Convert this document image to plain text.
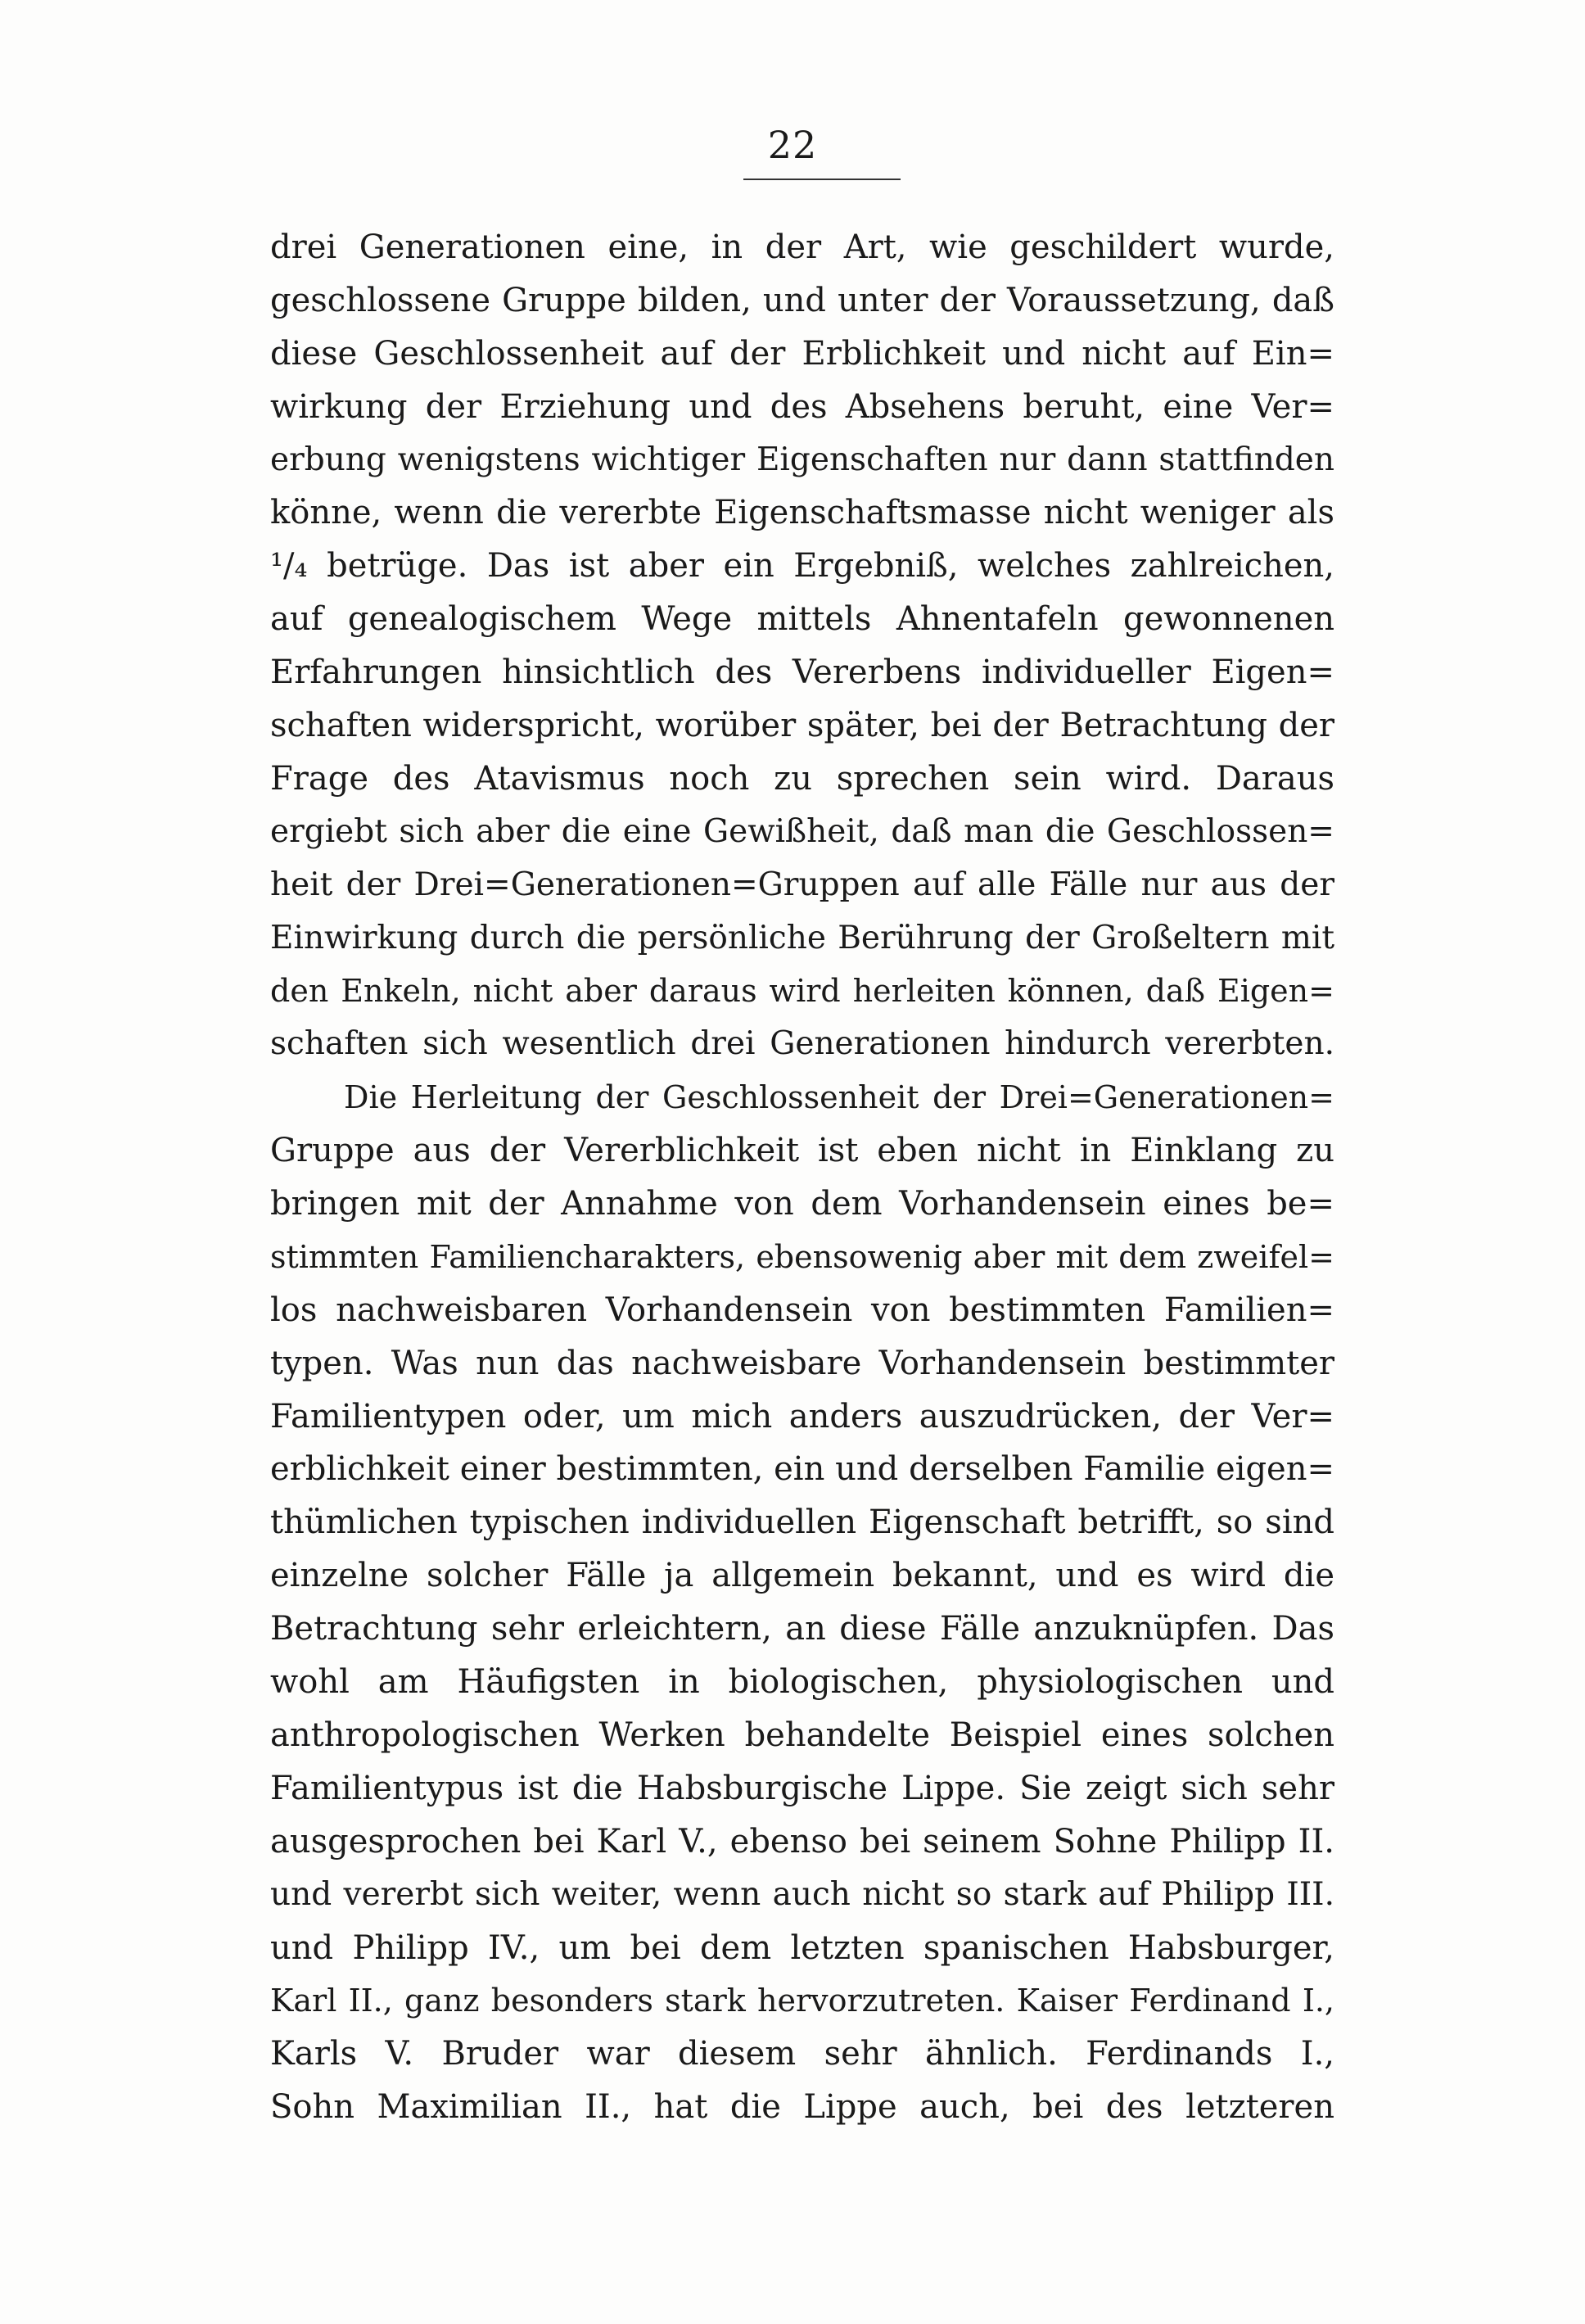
22
drei Generationen eine, in der Art, wie geschildert wurde,
geschlossene Gruppe bilden, und unter der Voraussetzung, daß
diese Geschlossenheit auf der Erblichkeit und nicht auf Ein=
wirkung der Erziehung und des Absehens beruht, eine Ver=
erbung wenigstens wichtiger Eigenschaften nur dann stattfinden
könne, wenn die vererbte Eigenschaftsmasse nicht weniger als
¹/₄ betrüge. Das ist aber ein Ergebniß, welches zahlreichen,
auf genealogischem Wege mittels Ahnentafeln gewonnenen
Erfahrungen hinsichtlich des Vererbens individueller Eigen=
schaften widerspricht, worüber später, bei der Betrachtung der
Frage des Atavismus noch zu sprechen sein wird. Daraus
ergiebt sich aber die eine Gewißheit, daß man die Geschlossen=
heit der Drei=Generationen=Gruppen auf alle Fälle nur aus der
Einwirkung durch die persönliche Berührung der Großeltern mit
den Enkeln, nicht aber daraus wird herleiten können, daß Eigen=
schaften sich wesentlich drei Generationen hindurch vererbten.
Die Herleitung der Geschlossenheit der Drei=Generationen=
Gruppe aus der Vererblichkeit ist eben nicht in Einklang zu
bringen mit der Annahme von dem Vorhandensein eines be=
stimmten Familiencharakters, ebensowenig aber mit dem zweifel=
los nachweisbaren Vorhandensein von bestimmten Familien=
typen. Was nun das nachweisbare Vorhandensein bestimmter
Familientypen oder, um mich anders auszudrücken, der Ver=
erblichkeit einer bestimmten, ein und derselben Familie eigen=
thümlichen typischen individuellen Eigenschaft betrifft, so sind
einzelne solcher Fälle ja allgemein bekannt, und es wird die
Betrachtung sehr erleichtern, an diese Fälle anzuknüpfen. Das
wohl am Häufigsten in biologischen, physiologischen und
anthropologischen Werken behandelte Beispiel eines solchen
Familientypus ist die Habsburgische Lippe. Sie zeigt sich sehr
ausgesprochen bei Karl V., ebenso bei seinem Sohne Philipp II.
und vererbt sich weiter, wenn auch nicht so stark auf Philipp III.
und Philipp IV., um bei dem letzten spanischen Habsburger,
Karl II., ganz besonders stark hervorzutreten. Kaiser Ferdinand I.,
Karls V. Bruder war diesem sehr ähnlich. Ferdinands I.,
Sohn Maximilian II., hat die Lippe auch, bei des letzteren
